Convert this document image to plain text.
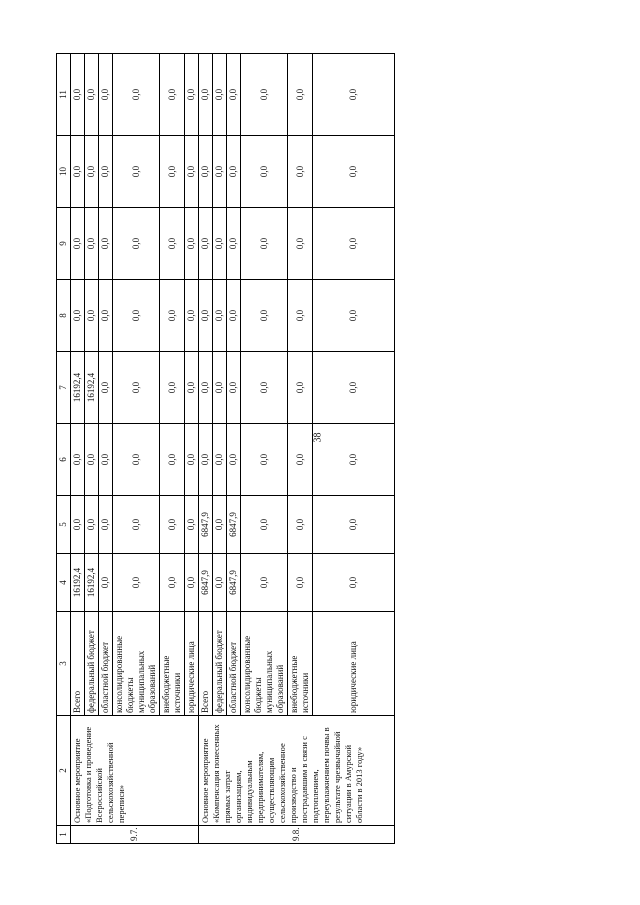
38
1	2	3	4	5	6	7	8	9	10	11
9.7.	Основное мероприятие «Подготовка и проведение Всероссийской сельскохозяйственной переписи»	Всего	16192,4	0,0	0,0	16192,4	0,0	0,0	0,0	0,0
		федеральный бюджет	16192,4	0,0	0,0	16192,4	0,0	0,0	0,0	0,0
		областной бюджет	0,0	0,0	0,0	0,0	0,0	0,0	0,0	0,0
		консолидированные бюджеты муниципальных образований	0,0	0,0	0,0	0,0	0,0	0,0	0,0	0,0
		внебюджетные источники	0,0	0,0	0,0	0,0	0,0	0,0	0,0	0,0
		юридические лица	0,0	0,0	0,0	0,0	0,0	0,0	0,0	0,0
9.8.	Основное мероприятие «Компенсация понесенных прямых затрат организациям, индивидуальным предпринимателям, осуществляющим сельскохозяйственное производство и пострадавшим в связи с подтоплением, переувлажнением почвы в результате чрезвычайной ситуации в Амурской области в 2013 году»	Всего	6847,9	6847,9	0,0	0,0	0,0	0,0	0,0	0,0
		федеральный бюджет	0,0	0,0	0,0	0,0	0,0	0,0	0,0	0,0
		областной бюджет	6847,9	6847,9	0,0	0,0	0,0	0,0	0,0	0,0
		консолидированные бюджеты муниципальных образований	0,0	0,0	0,0	0,0	0,0	0,0	0,0	0,0
		внебюджетные источники	0,0	0,0	0,0	0,0	0,0	0,0	0,0	0,0
		юридические лица	0,0	0,0	0,0	0,0	0,0	0,0	0,0	0,0
